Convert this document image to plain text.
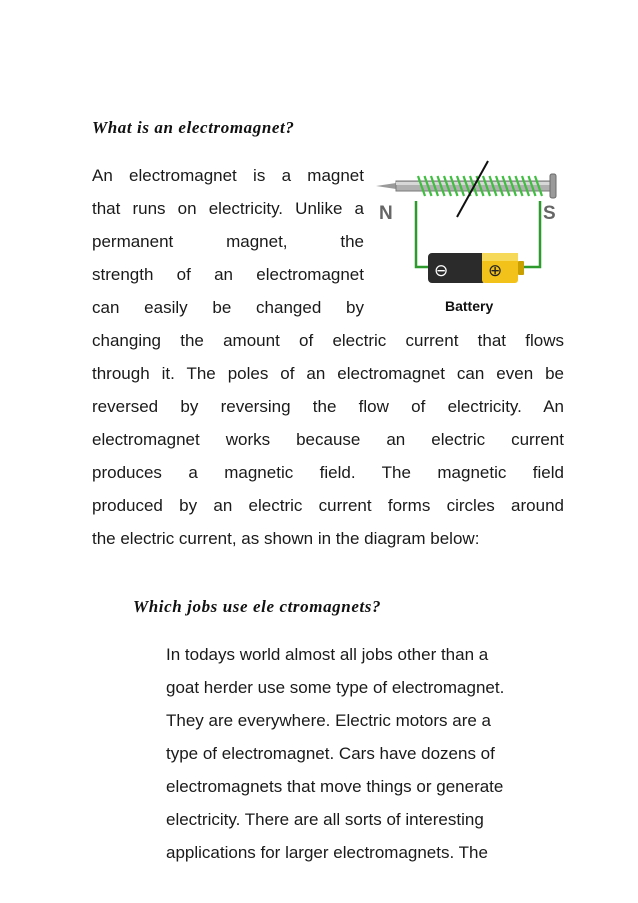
What is an electromagnet?
An electromagnet is a magnet
that runs on electricity. Unlike a
permanent magnet, the
strength of an electromagnet
can easily be changed by
N	S
⊖ ⊕
Battery
changing the amount of electric current that flows
through it. The poles of an electromagnet can even be
reversed by reversing the flow of electricity. An
electromagnet works because an electric current
produces a magnetic field. The magnetic field
produced by an electric current forms circles around
the electric current, as shown in the diagram below:
Which jobs use ele ctromagnets?
In todays world almost all jobs other than a
goat herder use some type of electromagnet.
They are everywhere. Electric motors are a
type of electromagnet. Cars have dozens of
electromagnets that move things or generate
electricity. There are all sorts of interesting
applications for larger electromagnets. The
